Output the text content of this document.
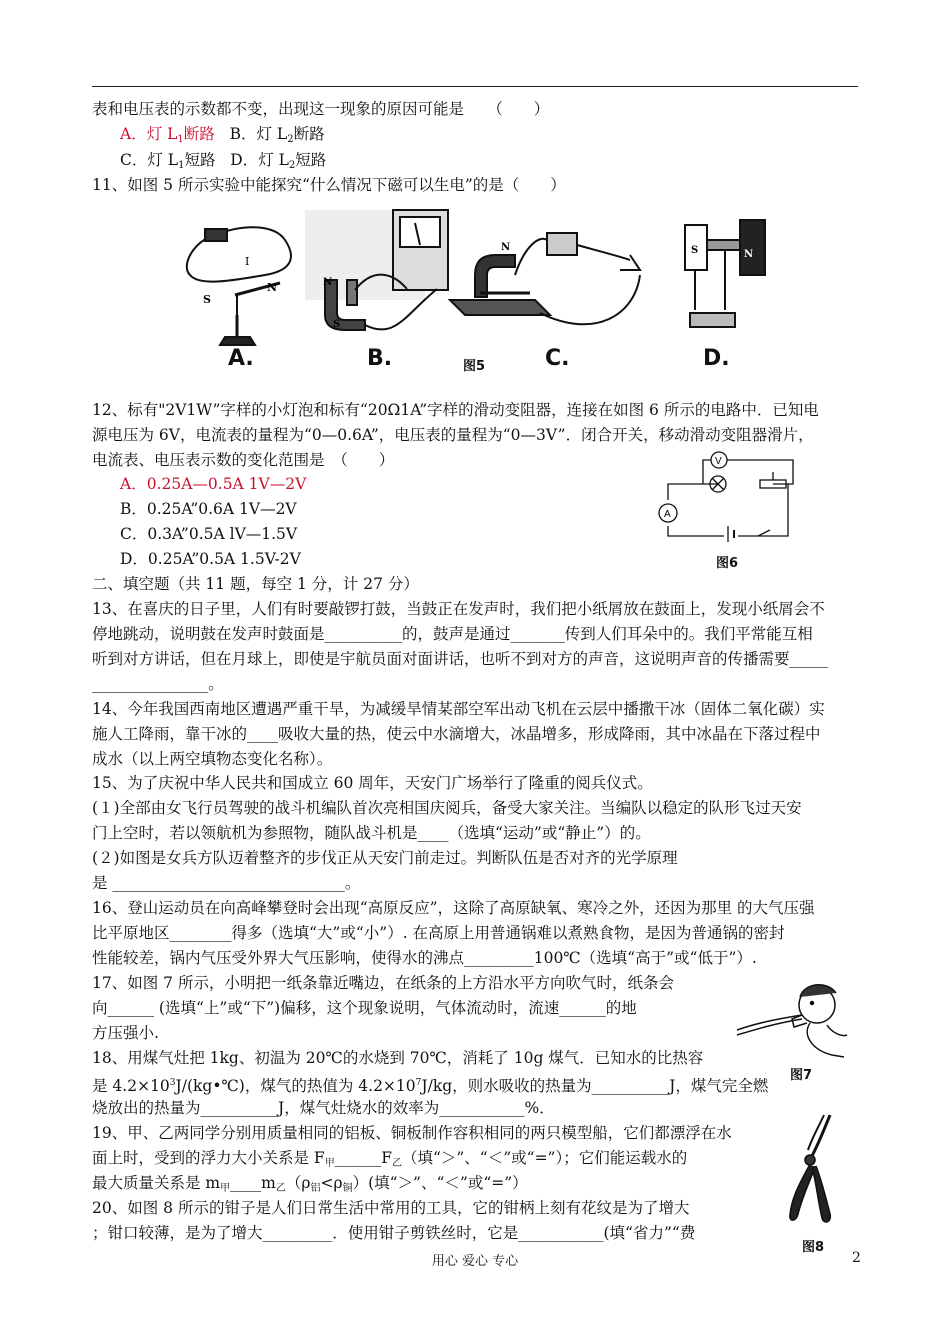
表和电压表的示数都不变，出现这一现象的原因可能是　　（　　）
A．灯 $L_1$断路 B．灯 $L_2$断路
C．灯 $L_1$短路 D．灯 $L_2$短路
11、如图 5 所示实验中能探究“什么情况下磁可以生电”的是（　　）
I
S
N	N
S
N	S	N
A.	B.	C.	D.
图5
12、标有"2V1W”字样的小灯泡和标有“20Ω1A”字样的滑动变阻器，连接在如图 6 所示的电路中．已知电
源电压为 6V，电流表的量程为“0—0.6A”，电压表的量程为“0—3V”．闭合开关，移动滑动变阻器滑片，
电流表、电压表示数的变化范围是　（　　）
A．0.25A—0.5A 1V—2V
B．0.25A”0.6A 1V—2V
C．0.3A”0.5A lV—1.5V
D．0.25A”0.5A 1.5V-2V
V
A
图6
二、填空题（共 11 题，每空 1 分，计 27 分）
13、在喜庆的日子里，人们有时要敲锣打鼓，当鼓正在发声时，我们把小纸屑放在鼓面上，发现小纸屑会不
停地跳动，说明鼓在发声时鼓面是__________的，鼓声是通过_______传到人们耳朵中的。我们平常能互相
听到对方讲话，但在月球上，即使是宇航员面对面讲话，也听不到对方的声音，这说明声音的传播需要_____
_______________。
14、今年我国西南地区遭遇严重干旱，为减缓旱情某部空军出动飞机在云层中播撒干冰（固体二氧化碳）实
施人工降雨，靠干冰的____吸收大量的热，使云中水滴增大，冰晶增多，形成降雨，其中冰晶在下落过程中
成水（以上两空填物态变化名称）。
15、为了庆祝中华人民共和国成立 60 周年，天安门广场举行了隆重的阅兵仪式。
(１)全部由女飞行员驾驶的战斗机编队首次亮相国庆阅兵，备受大家关注。当编队以稳定的队形飞过天安
门上空时，若以领航机为参照物，随队战斗机是____（选填“运动”或“静止”）的。
(２)如图是女兵方队迈着整齐的步伐正从天安门前走过。判断队伍是否对齐的光学原理
是 ______________________________。
16、登山运动员在向高峰攀登时会出现“高原反应”，这除了高原缺氧、寒冷之外，还因为那里 的大气压强
比平原地区________得多（选填“大”或“小”）. 在高原上用普通锅难以煮熟食物，是因为普通锅的密封
性能较差，锅内气压受外界大气压影响，使得水的沸点_________100℃（选填“高于”或“低于”）.
17、如图 7 所示，小明把一纸条靠近嘴边，在纸条的上方沿水平方向吹气时，纸条会
向______ (选填“上”或“下”)偏移，这个现象说明，气体流动时，流速______的地
方压强小.
18、用煤气灶把 1kg、初温为 20℃的水烧到 70℃，消耗了 10g 煤气．已知水的比热容
是 $4.2\times 10^3J/(kg•℃)$，煤气的热值为 $4.2\times 10^7J/kg$，则水吸收的热量为__________J，煤气完全燃
烧放出的热量为__________J，煤气灶烧水的效率为___________%．
图7
19、甲、乙两同学分别用质量相同的铝板、铜板制作容积相同的两只模型船，它们都漂浮在水
面上时，受到的浮力大小关系是 $F_甲\_\_\_\_\_\_F_乙$（填“＞”、“＜”或“=”）；它们能运载水的
最大质量关系是 $m_甲\_\_\_\_m_乙(\rho_铝<\rho_铜)$(填“＞”、“＜”或“=”）
20、如图 8 所示的钳子是人们日常生活中常用的工具，它的钳柄上刻有花纹是为了增大
；钳口较薄，是为了增大_________．使用钳子剪铁丝时，它是___________(填“省力”“费
图8
用心 爱心 专心	2
